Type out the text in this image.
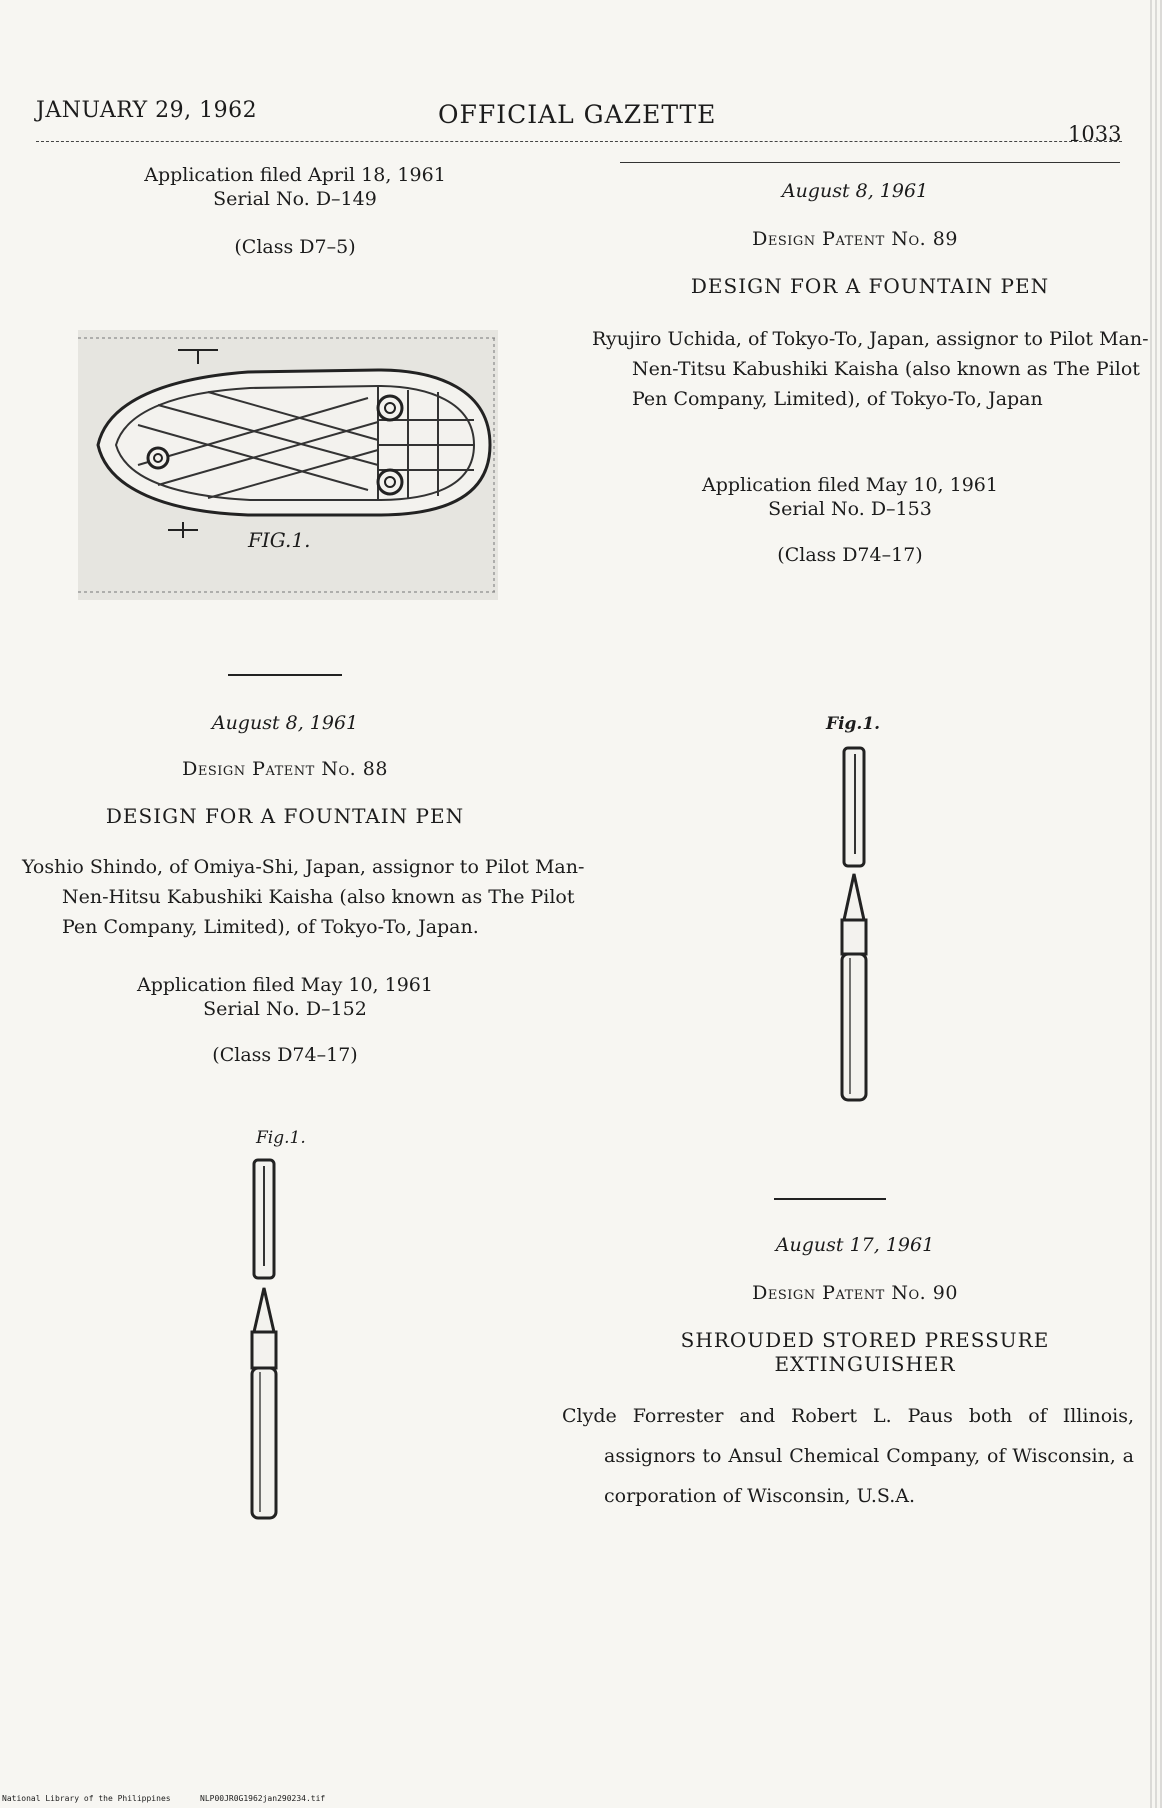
JANUARY 29, 1962	OFFICIAL GAZETTE
1033
Application filed April 18, 1961
Serial No. D–149
(Class D7–5)
FIG.1.
August 8, 1961
Design Patent No. 88
DESIGN FOR A FOUNTAIN PEN
Yoshio Shindo, of Omiya-Shi, Japan, assignor to Pilot Man-Nen-Hitsu Kabushiki Kaisha (also known as The Pilot Pen Company, Limited), of Tokyo-To, Japan.
Application filed May 10, 1961
Serial No. D–152
(Class D74–17)
Fig.1.
August 8, 1961
Design Patent No. 89
DESIGN FOR A FOUNTAIN PEN
Ryujiro Uchida, of Tokyo-To, Japan, assignor to Pilot Man-Nen-Titsu Kabushiki Kaisha (also known as The Pilot Pen Company, Limited), of Tokyo-To, Japan
Application filed May 10, 1961
Serial No. D–153
(Class D74–17)
Fig.1.
August 17, 1961
Design Patent No. 90
SHROUDED STORED PRESSURE
EXTINGUISHER
Clyde Forrester and Robert L. Paus both of Illinois, assignors to Ansul Chemical Company, of Wisconsin, a corporation of Wisconsin, U.S.A.
National Library of the Philippines	NLP00JR0G1962jan290234.tif
